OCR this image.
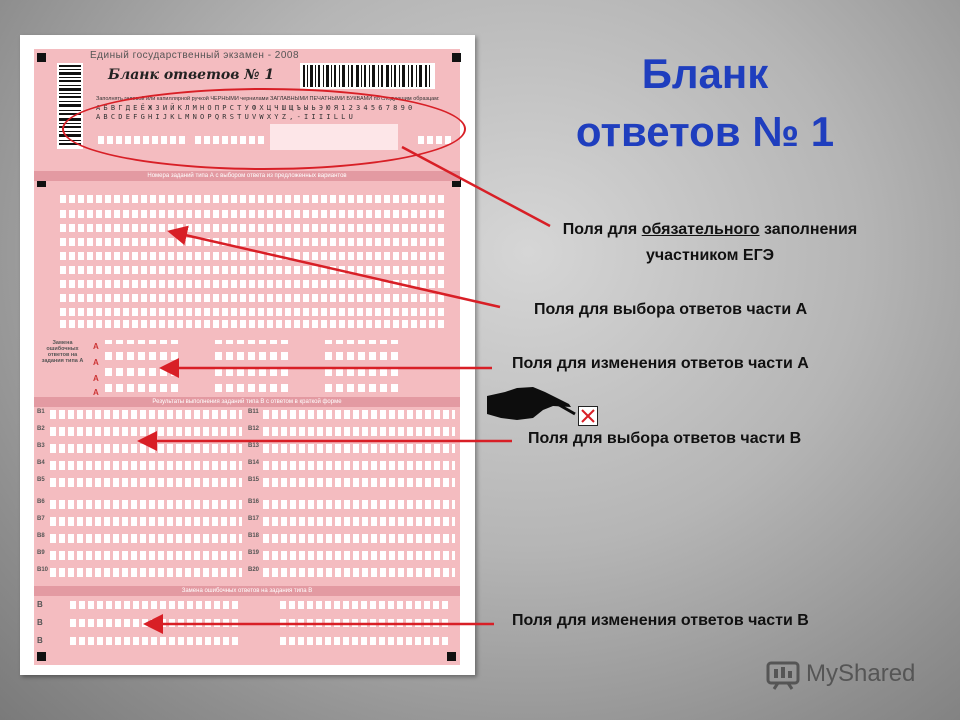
Единый государственный экзамен - 2008
Бланк ответов № 1
Заполнять гелевой или капиллярной ручкой ЧЕРНЫМИ чернилами ЗАГЛАВНЫМИ ПЕЧАТНЫМИ БУКВАМИ по следующим образцам:
А Б В Г Д Е Ё Ж З И Й К Л М Н О П Р С Т У Ф Х Ц Ч Ш Щ Ъ Ы Ь Э Ю Я 1 2 3 4 5 6 7 8 9 0
A B C D E F G H I J K L M N O P Q R S T U V W X Y Z , - I I I I L L U
Номера заданий типа А с выбором ответа из предложенных вариантов
Замена ошибочных ответов на задания типа А
A
A
A
A
Результаты выполнения заданий типа В с ответом в краткой форме
B1	B11
B2	B12
B3	B13
B4	B14
B5	B15
B6	B16
B7	B17
B8	B18
B9	B19
B10	B20
Замена ошибочных ответов на задания типа В
B
B
B
Бланк
ответов № 1
Поля для обязательного заполнения
участником ЕГЭ
Поля для выбора ответов части А
Поля для изменения ответов части А
Поля для выбора ответов части В
Поля для изменения ответов части В
MyShared
